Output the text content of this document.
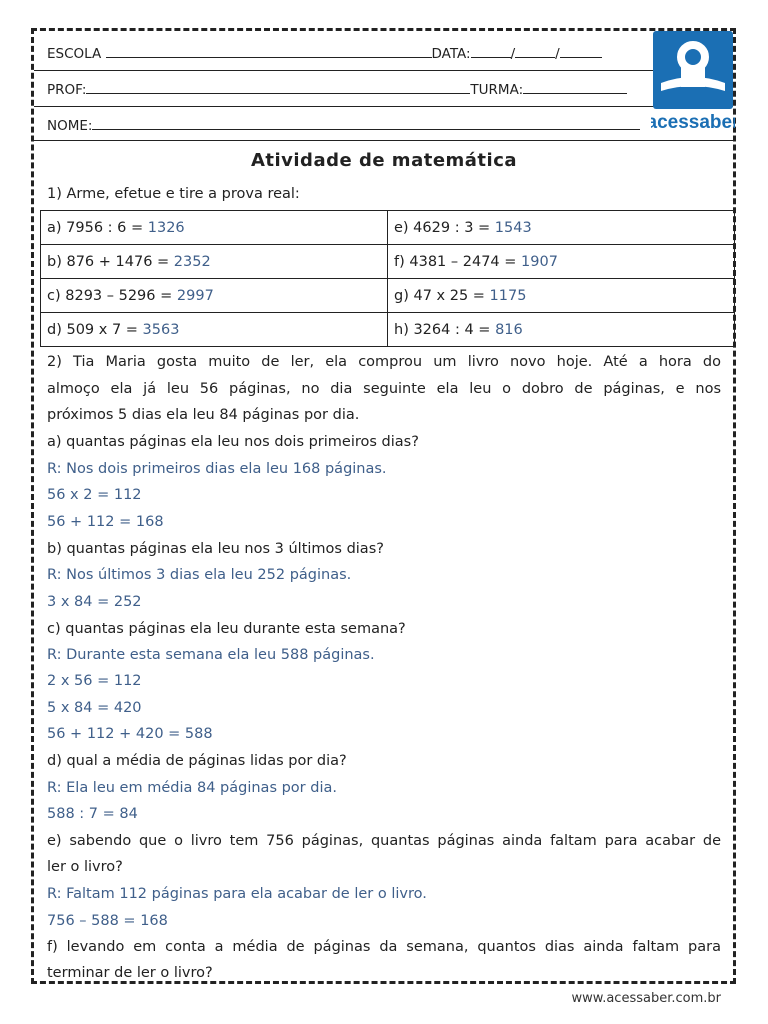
ESCOLA	DATA:	/	/
PROF:	TURMA:
NOME:	acessaber
Atividade de matemática
1) Arme, efetue e tire a prova real:
a) 7956 : 6 = 1326	e) 4629 : 3 = 1543
b) 876 + 1476 = 2352	f) 4381 – 2474 = 1907
c) 8293 – 5296 = 2997	g) 47 x 25 = 1175
d) 509 x 7 = 3563	h) 3264 : 4 = 816
2) Tia Maria gosta muito de ler, ela comprou um livro novo hoje. Até a hora do
almoço ela já leu 56 páginas, no dia seguinte ela leu o dobro de páginas, e nos
próximos 5 dias ela leu 84 páginas por dia.
a) quantas páginas ela leu nos dois primeiros dias?
R: Nos dois primeiros dias ela leu 168 páginas.
56 x 2 = 112
56 + 112 = 168
b) quantas páginas ela leu nos 3 últimos dias?
R: Nos últimos 3 dias ela leu 252 páginas.
3 x 84 = 252
c) quantas páginas ela leu durante esta semana?
R: Durante esta semana ela leu 588 páginas.
2 x 56 = 112
5 x 84 = 420
56 + 112 + 420 = 588
d) qual a média de páginas lidas por dia?
R: Ela leu em média 84 páginas por dia.
588 : 7 = 84
e) sabendo que o livro tem 756 páginas, quantas páginas ainda faltam para acabar de
ler o livro?
R: Faltam 112 páginas para ela acabar de ler o livro.
756 – 588 = 168
f) levando em conta a média de páginas da semana, quantos dias ainda faltam para
terminar de ler o livro?
www.acessaber.com.br
